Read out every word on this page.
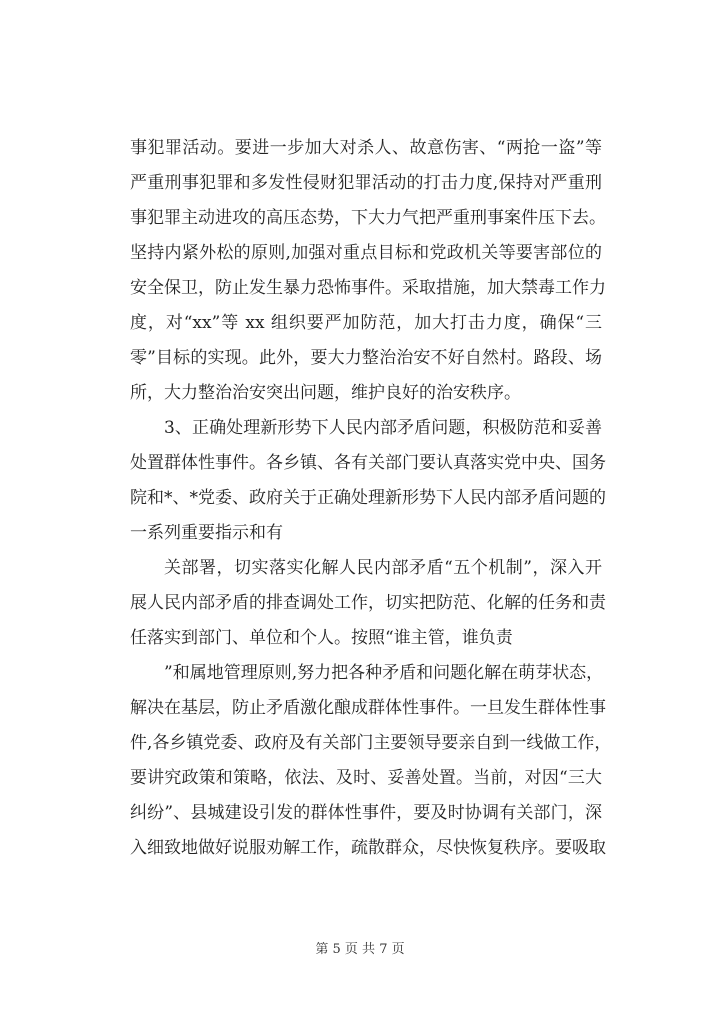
事犯罪活动。要进一步加大对杀人、故意伤害、“两抢一盗”等
严重刑事犯罪和多发性侵财犯罪活动的打击力度,保持对严重刑
事犯罪主动进攻的高压态势，下大力气把严重刑事案件压下去。
坚持内紧外松的原则,加强对重点目标和党政机关等要害部位的
安全保卫，防止发生暴力恐怖事件。采取措施，加大禁毒工作力
度，对“xx”等 xx 组织要严加防范，加大打击力度，确保“三
零”目标的实现。此外，要大力整治治安不好自然村。路段、场
所，大力整治治安突出问题，维护良好的治安秩序。
3、正确处理新形势下人民内部矛盾问题，积极防范和妥善
处置群体性事件。各乡镇、各有关部门要认真落实党中央、国务
院和*、*党委、政府关于正确处理新形势下人民内部矛盾问题的
一系列重要指示和有
关部署，切实落实化解人民内部矛盾“五个机制”，深入开
展人民内部矛盾的排查调处工作，切实把防范、化解的任务和责
任落实到部门、单位和个人。按照“谁主管，谁负责
”和属地管理原则,努力把各种矛盾和问题化解在萌芽状态，
解决在基层，防止矛盾激化酿成群体性事件。一旦发生群体性事
件,各乡镇党委、政府及有关部门主要领导要亲自到一线做工作，
要讲究政策和策略，依法、及时、妥善处置。当前，对因“三大
纠纷”、县城建设引发的群体性事件，要及时协调有关部门，深
入细致地做好说服劝解工作，疏散群众，尽快恢复秩序。要吸取
第 5 页 共 7 页
